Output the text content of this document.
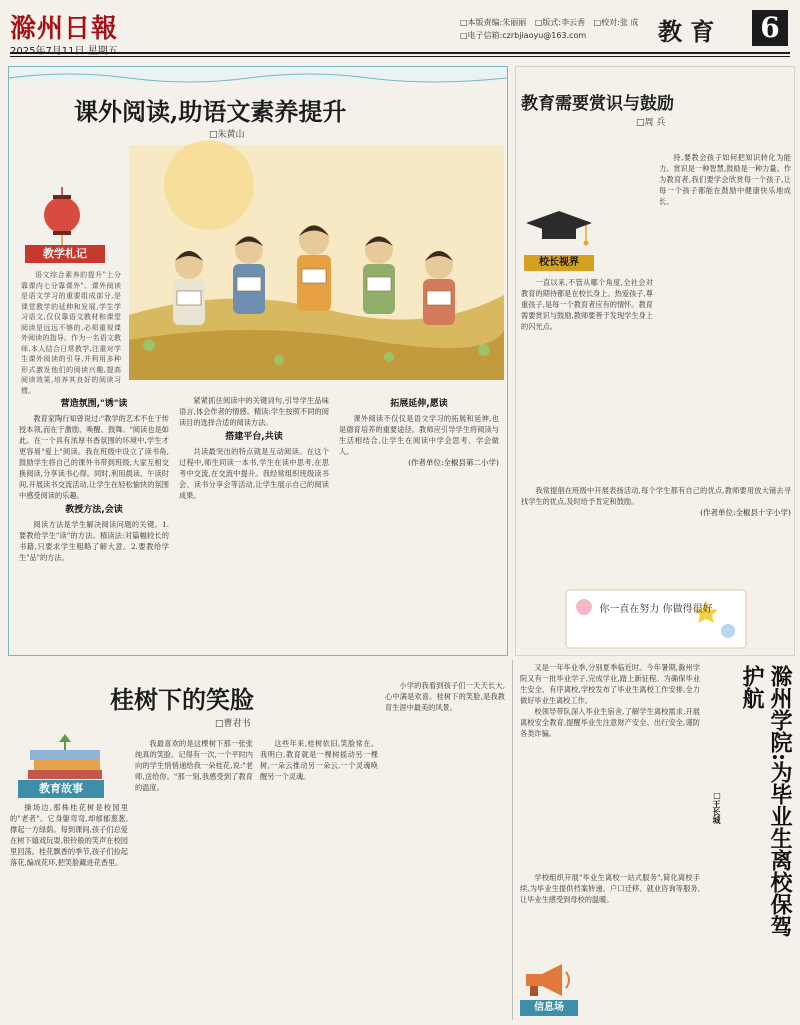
滁州日報	□本版责编:朱丽丽 □版式:李云香 □校对:张 成
□电子信箱:czrbjiaoyu@163.com	教 育 6
课外阅读,助语文素养提升
□朱黄山
教学札记

语文综合素养的提升"上分靠课内七分靠课外"。课外阅读是语文学习的重要组成部分,是课堂教学的延伸和发展,学生学习语文,仅仅靠语文教材和课堂阅读是远远不够的,必须重视课外阅读的指导。作为一名语文教师,本人结合日常教学,注重对学生课外阅读的引导,并利用多种形式激发他们的阅读兴趣,提高阅读效果,培养其良好的阅读习惯。

营造氛围,"诱"读

教育家陶行知曾说过:"教学的艺术不在于传授本领,而在于激励、唤醒、鼓舞。"阅读也是如此。在一个具有浓厚书香氛围的环境中,学生才更容易"爱上"阅读。我在班级中设立了读书角,鼓励学生将自己的课外书带到班级,大家互相交换阅读,分享读书心得。同时,利用晨读、午读时间,开展读书交流活动,让学生在轻松愉快的氛围中感受阅读的乐趣。

教授方法,会读

阅读方法是学生解决阅读问题的关键。1.要教给学生"读"的方法。精读法:对篇幅较长的书籍,只要求学生粗略了解大意。2.要教给学生"品"的方法。

紧紧抓住阅读中的关键词句,引导学生品味语言,体会作者的情感。精读:学生按照不同的阅读目的选择合适的阅读方法。

搭建平台,共读

共读最突出的特点就是互动阅读。在这个过程中,师生同读一本书,学生在读中思考,在思考中交流,在交流中提升。我经常组织班级读书会、读书分享会等活动,让学生展示自己的阅读成果。

拓展延伸,愿读

课外阅读不仅仅是语文学习的拓展和延伸,也是德育培养的重要途径。教师应引导学生将阅读与生活相结合,让学生在阅读中学会思考、学会做人。

(作者单位:全椒县第二小学)
教育需要赏识与鼓励
□周 兵
校长视界

一直以来,不管从哪个角度,全社会对教育的期待都是在校长身上。热爱孩子,尊重孩子,是每一个教育者应有的情怀。教育需要赏识与鼓励,教师要善于发现学生身上的闪光点。

持,要教会孩子如何把知识转化为能力。赏识是一种智慧,鼓励是一种力量。作为教育者,我们要学会欣赏每一个孩子,让每一个孩子都能在鼓励中健康快乐地成长。

我常提倡在班级中开展表扬活动,每个学生都有自己的优点,教师要用放大镜去寻找学生的优点,及时给予肯定和鼓励。

(作者单位:全椒县十字小学)
你一直在努力 你做得很好
桂树下的笑脸
□曹君书
教育故事

操场边,那株桂花树是校园里的"老者"。它身躯弯弯,却郁郁葱葱,撑起一方绿荫。每到课间,孩子们总爱在树下嬉戏玩耍,银铃般的笑声在校园里回荡。桂花飘香的季节,孩子们捡起落花,编成花环,把笑脸藏进花香里。

我最喜欢的是这棵树下那一张张纯真的笑脸。记得有一次,一个平时内向的学生悄悄递给我一朵桂花,说:"老师,送给你。"那一刻,我感受到了教育的温度。

这些年来,桂树依旧,笑脸常在。我明白,教育就是一棵树摇动另一棵树,一朵云推动另一朵云,一个灵魂唤醒另一个灵魂。

小学的我看到孩子们一天天长大,心中满是欢喜。桂树下的笑脸,是我教育生涯中最美的风景。

又是一年毕业季,分别夏季临近时。今年暑期,滁州学院又有一批毕业学子,完成学业,踏上新征程。为确保毕业生安全、有序离校,学校发布了毕业生离校工作安排,全力做好毕业生离校工作。

校领导带队深入毕业生宿舍,了解学生离校需求,开展离校安全教育,提醒毕业生注意财产安全、出行安全,谨防各类诈骗。	滁州学院:为毕业生离校保驾护航
□王长城

学校组织开展"毕业生离校一站式服务",简化离校手续,为毕业生提供档案转递、户口迁移、就业咨询等服务,让毕业生感受到母校的温暖。

信息场
